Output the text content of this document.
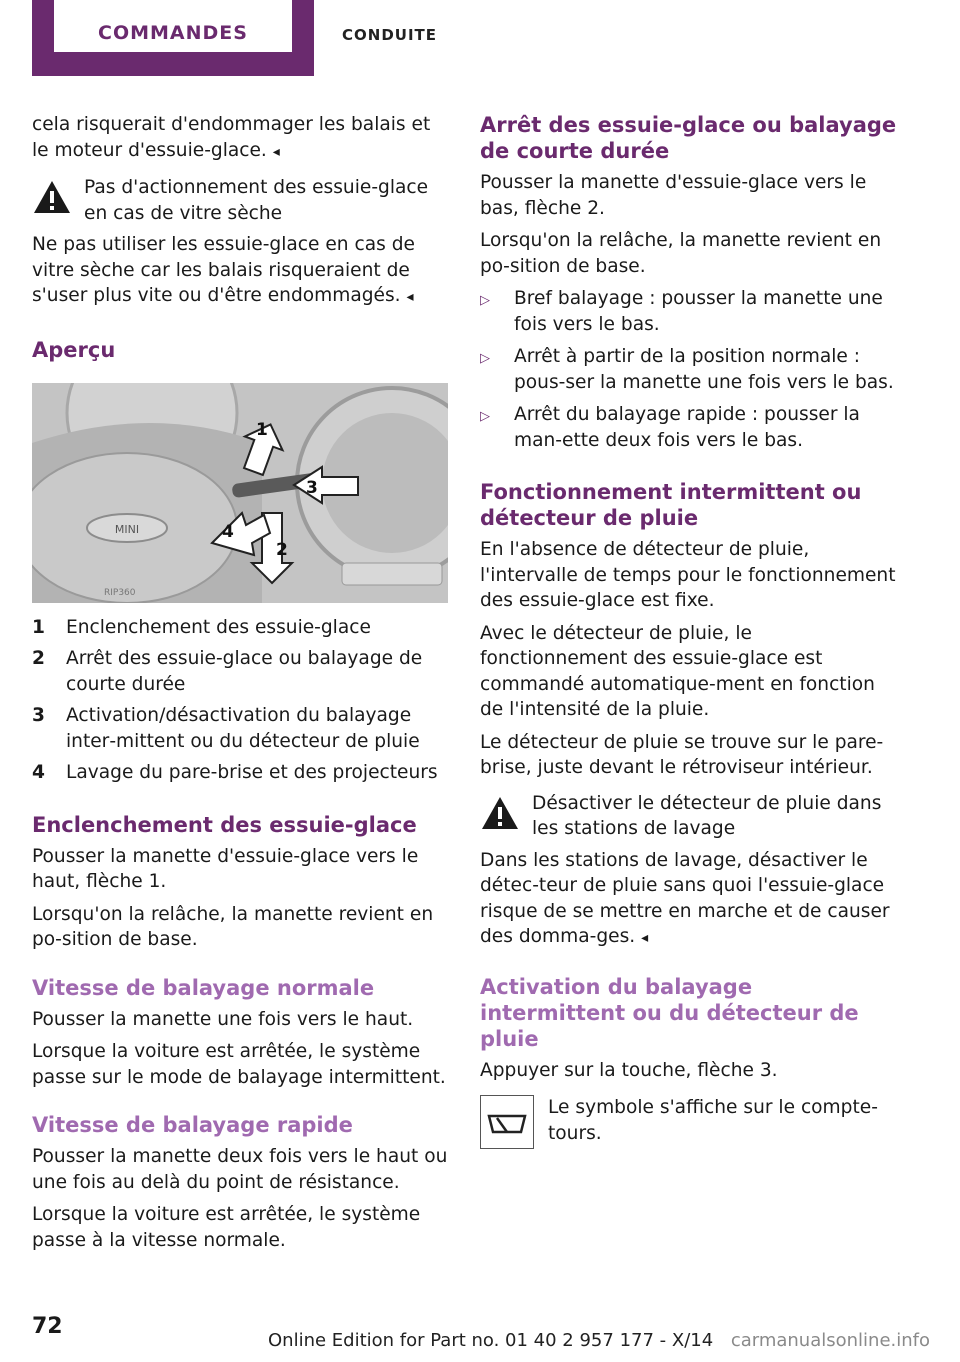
COMMANDES	CONDUITE

cela risquerait d'endommager les balais et le moteur d'essuie-glace. ◂

Pas d'actionnement des essuie-glace en cas de vitre sèche

Ne pas utiliser les essuie-glace en cas de vitre sèche car les balais risqueraient de s'user plus vite ou d'être endommagés. ◂

Aperçu
MINI
RIP360
1
2
3
4
1	Enclenchement des essuie-glace
2	Arrêt des essuie-glace ou balayage de courte durée
3	Activation/désactivation du balayage inter‐mittent ou du détecteur de pluie
4	Lavage du pare-brise et des projecteurs
Enclenchement des essuie-glace

Pousser la manette d'essuie-glace vers le haut, flèche 1.

Lorsqu'on la relâche, la manette revient en po‐sition de base.

Vitesse de balayage normale

Pousser la manette une fois vers le haut.

Lorsque la voiture est arrêtée, le système passe sur le mode de balayage intermittent.

Vitesse de balayage rapide

Pousser la manette deux fois vers le haut ou une fois au delà du point de résistance.

Lorsque la voiture est arrêtée, le système passe à la vitesse normale.

Arrêt des essuie-glace ou balayage de courte durée

Pousser la manette d'essuie-glace vers le bas, flèche 2.

Lorsqu'on la relâche, la manette revient en po‐sition de base.

▷	Bref balayage : pousser la manette une fois vers le bas.
▷	Arrêt à partir de la position normale : pous‐ser la manette une fois vers le bas.
▷	Arrêt du balayage rapide : pousser la man‐ette deux fois vers le bas.
Fonctionnement intermittent ou détecteur de pluie

En l'absence de détecteur de pluie, l'intervalle de temps pour le fonctionnement des essuie-glace est fixe.

Avec le détecteur de pluie, le fonctionnement des essuie-glace est commandé automatique‐ment en fonction de l'intensité de la pluie.

Le détecteur de pluie se trouve sur le pare-brise, juste devant le rétroviseur intérieur.

Désactiver le détecteur de pluie dans les stations de lavage

Dans les stations de lavage, désactiver le détec‐teur de pluie sans quoi l'essuie-glace risque de se mettre en marche et de causer des domma‐ges. ◂

Activation du balayage intermittent ou du détecteur de pluie

Appuyer sur la touche, flèche 3.

Le symbole s'affiche sur le compte‐tours.
72
Online Edition for Part no. 01 40 2 957 177 - X/14 carmanualsonline.info
